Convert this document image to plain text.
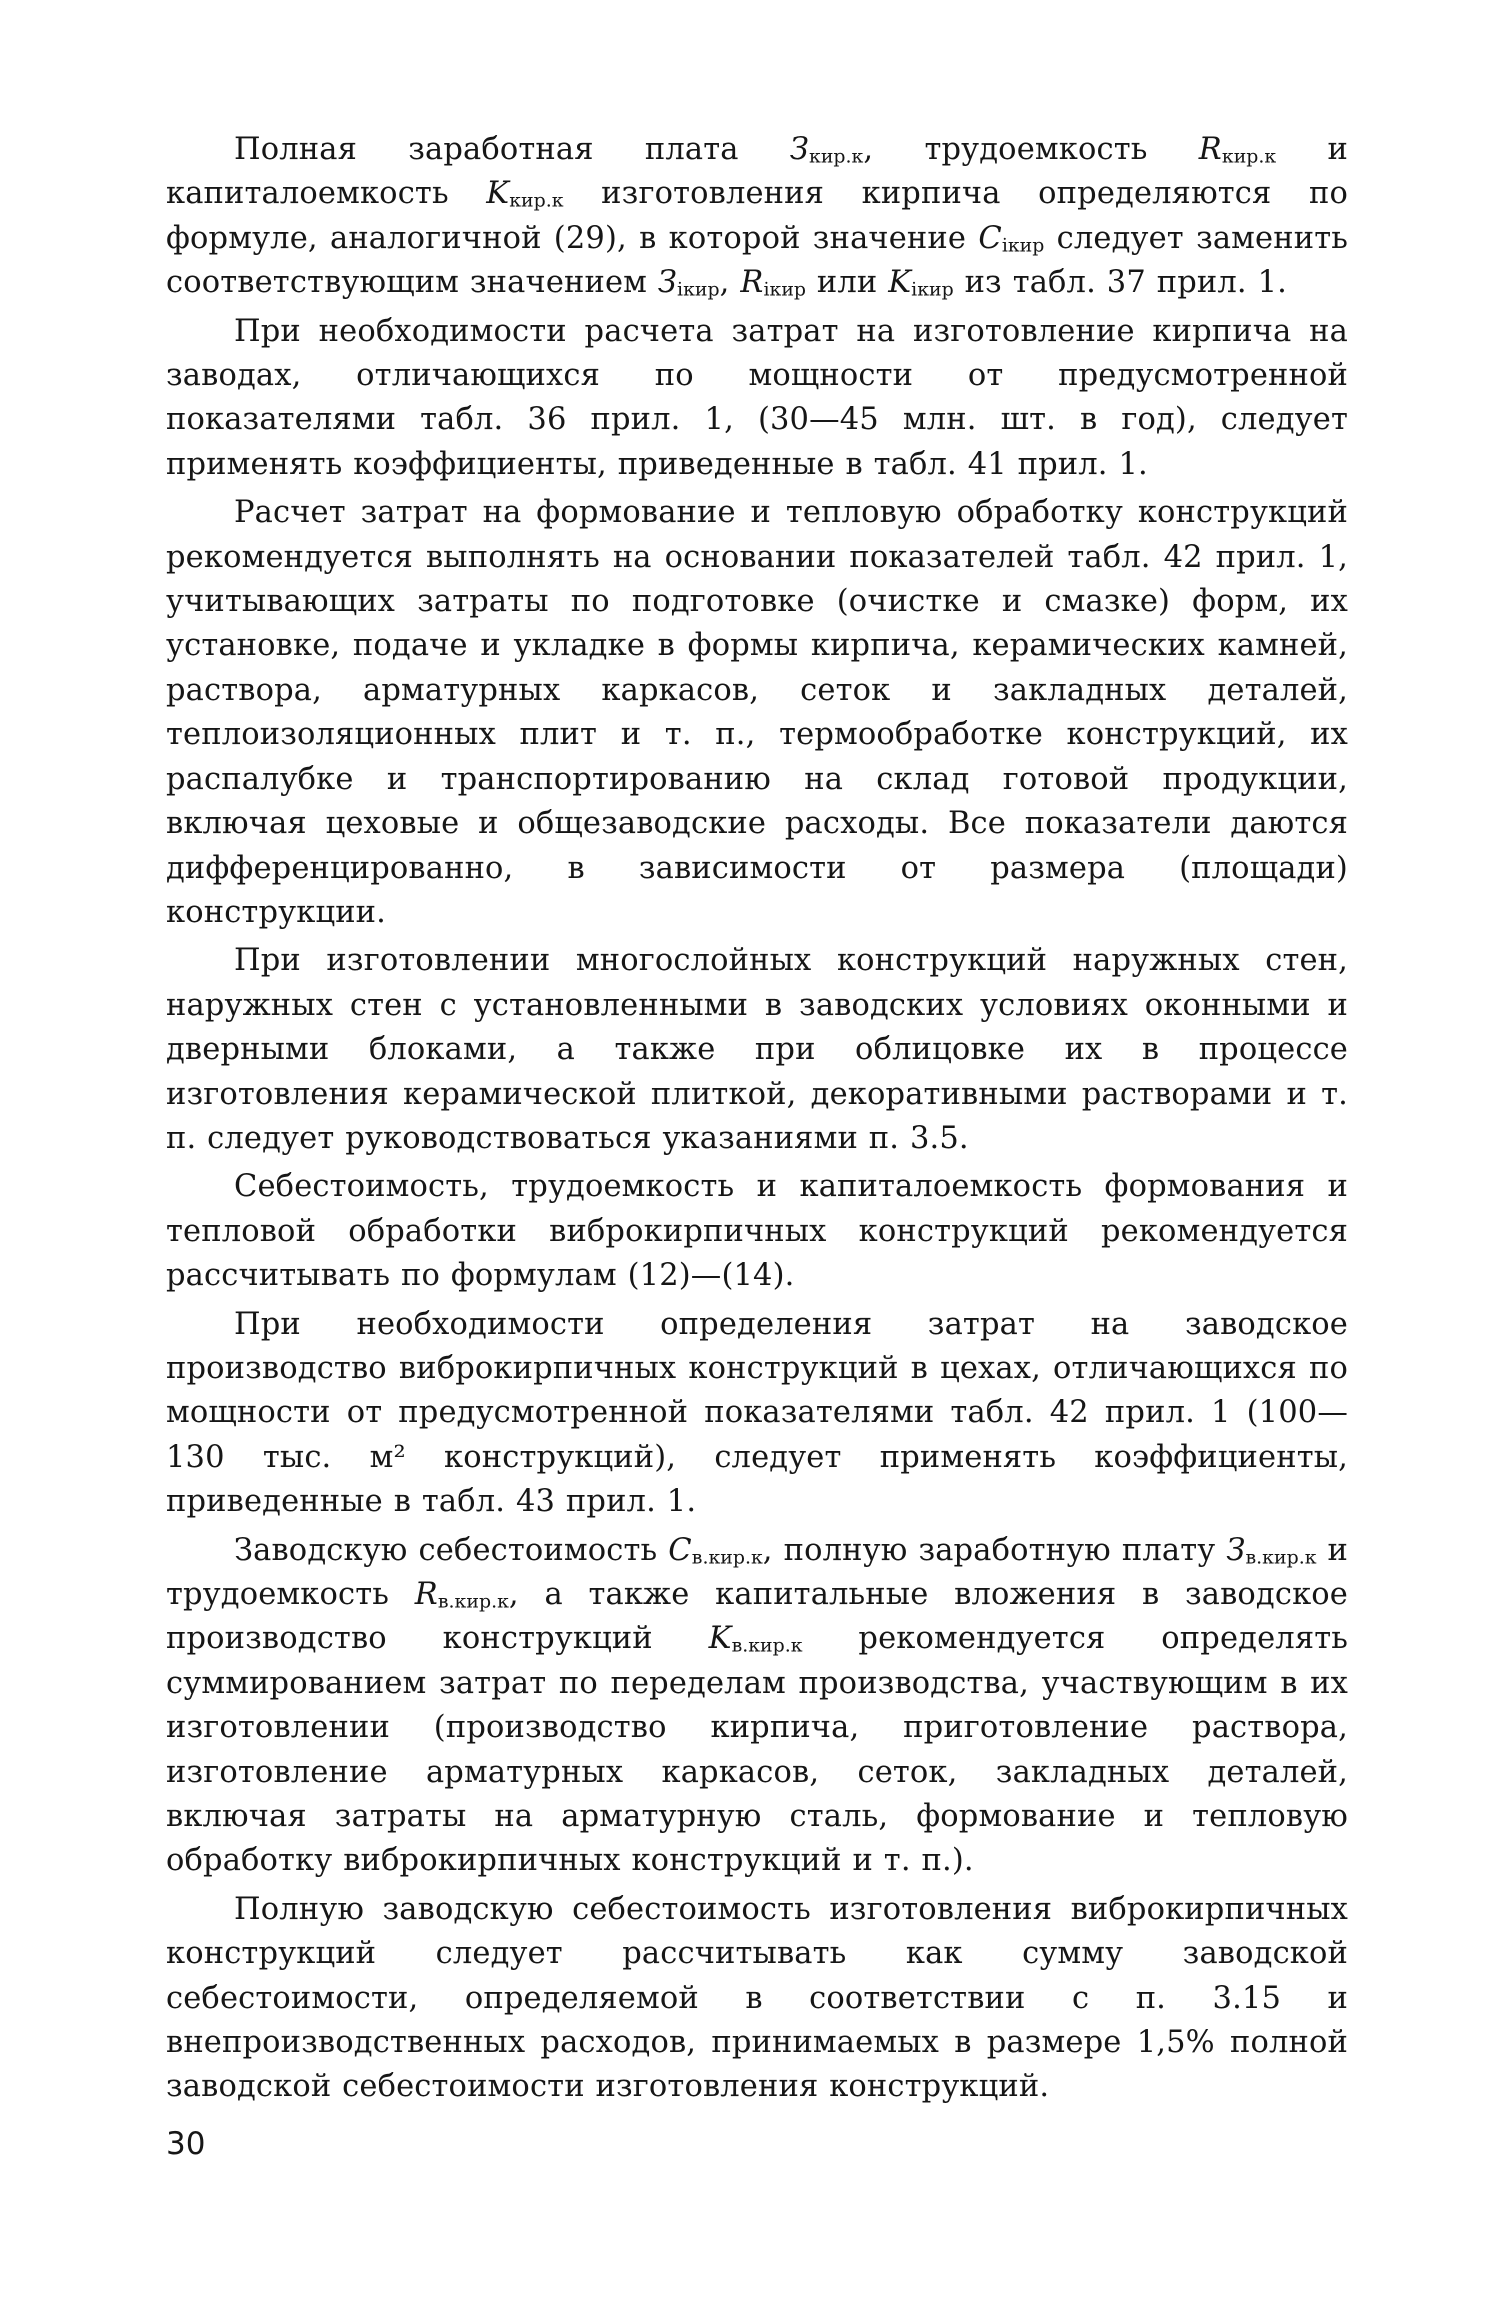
Полная заработная плата $З_{кир.к}$, трудоемкость $R_{кир.к}$ и капиталоемкость $K_{кир.к}$ изготовления кирпича определяются по формуле, аналогичной (29), в которой значение $C_{iкир}$ следует заменить соответствующим значением $З_{iкир}$, $R_{iкир}$ или $K_{iкир}$ из табл. 37 прил. 1.

При необходимости расчета затрат на изготовление кирпича на заводах, отличающихся по мощности от предусмотренной показателями табл. 36 прил. 1, (30—45 млн. шт. в год), следует применять коэффициенты, приведенные в табл. 41 прил. 1.

Расчет затрат на формование и тепловую обработку конструкций рекомендуется выполнять на основании показателей табл. 42 прил. 1, учитывающих затраты по подготовке (очистке и смазке) форм, их установке, подаче и укладке в формы кирпича, керамических камней, раствора, арматурных каркасов, сеток и закладных деталей, теплоизоляционных плит и т. п., термообработке конструкций, их распалубке и транспортированию на склад готовой продукции, включая цеховые и общезаводские расходы. Все показатели даются дифференцированно, в зависимости от размера (площади) конструкции.

При изготовлении многослойных конструкций наружных стен, наружных стен с установленными в заводских условиях оконными и дверными блоками, а также при облицовке их в процессе изготовления керамической плиткой, декоративными растворами и т. п. следует руководствоваться указаниями п. 3.5.

Себестоимость, трудоемкость и капиталоемкость формования и тепловой обработки виброкирпичных конструкций рекомендуется рассчитывать по формулам (12)—(14).

При необходимости определения затрат на заводское производство виброкирпичных конструкций в цехах, отличающихся по мощности от предусмотренной показателями табл. 42 прил. 1 (100—130 тыс. м² конструкций), следует применять коэффициенты, приведенные в табл. 43 прил. 1.

Заводскую себестоимость $C_{в.кир.к}$, полную заработную плату $З_{в.кир.к}$ и трудоемкость $R_{в.кир.к}$, а также капитальные вложения в заводское производство конструкций $K_{в.кир.к}$ рекомендуется определять суммированием затрат по переделам производства, участвующим в их изготовлении (производство кирпича, приготовление раствора, изготовление арматурных каркасов, сеток, закладных деталей, включая затраты на арматурную сталь, формование и тепловую обработку виброкирпичных конструкций и т. п.).

Полную заводскую себестоимость изготовления виброкирпичных конструкций следует рассчитывать как сумму заводской себестоимости, определяемой в соответствии с п. 3.15 и внепроизводственных расходов, принимаемых в размере 1,5% полной заводской себестоимости изготовления конструкций.

30
